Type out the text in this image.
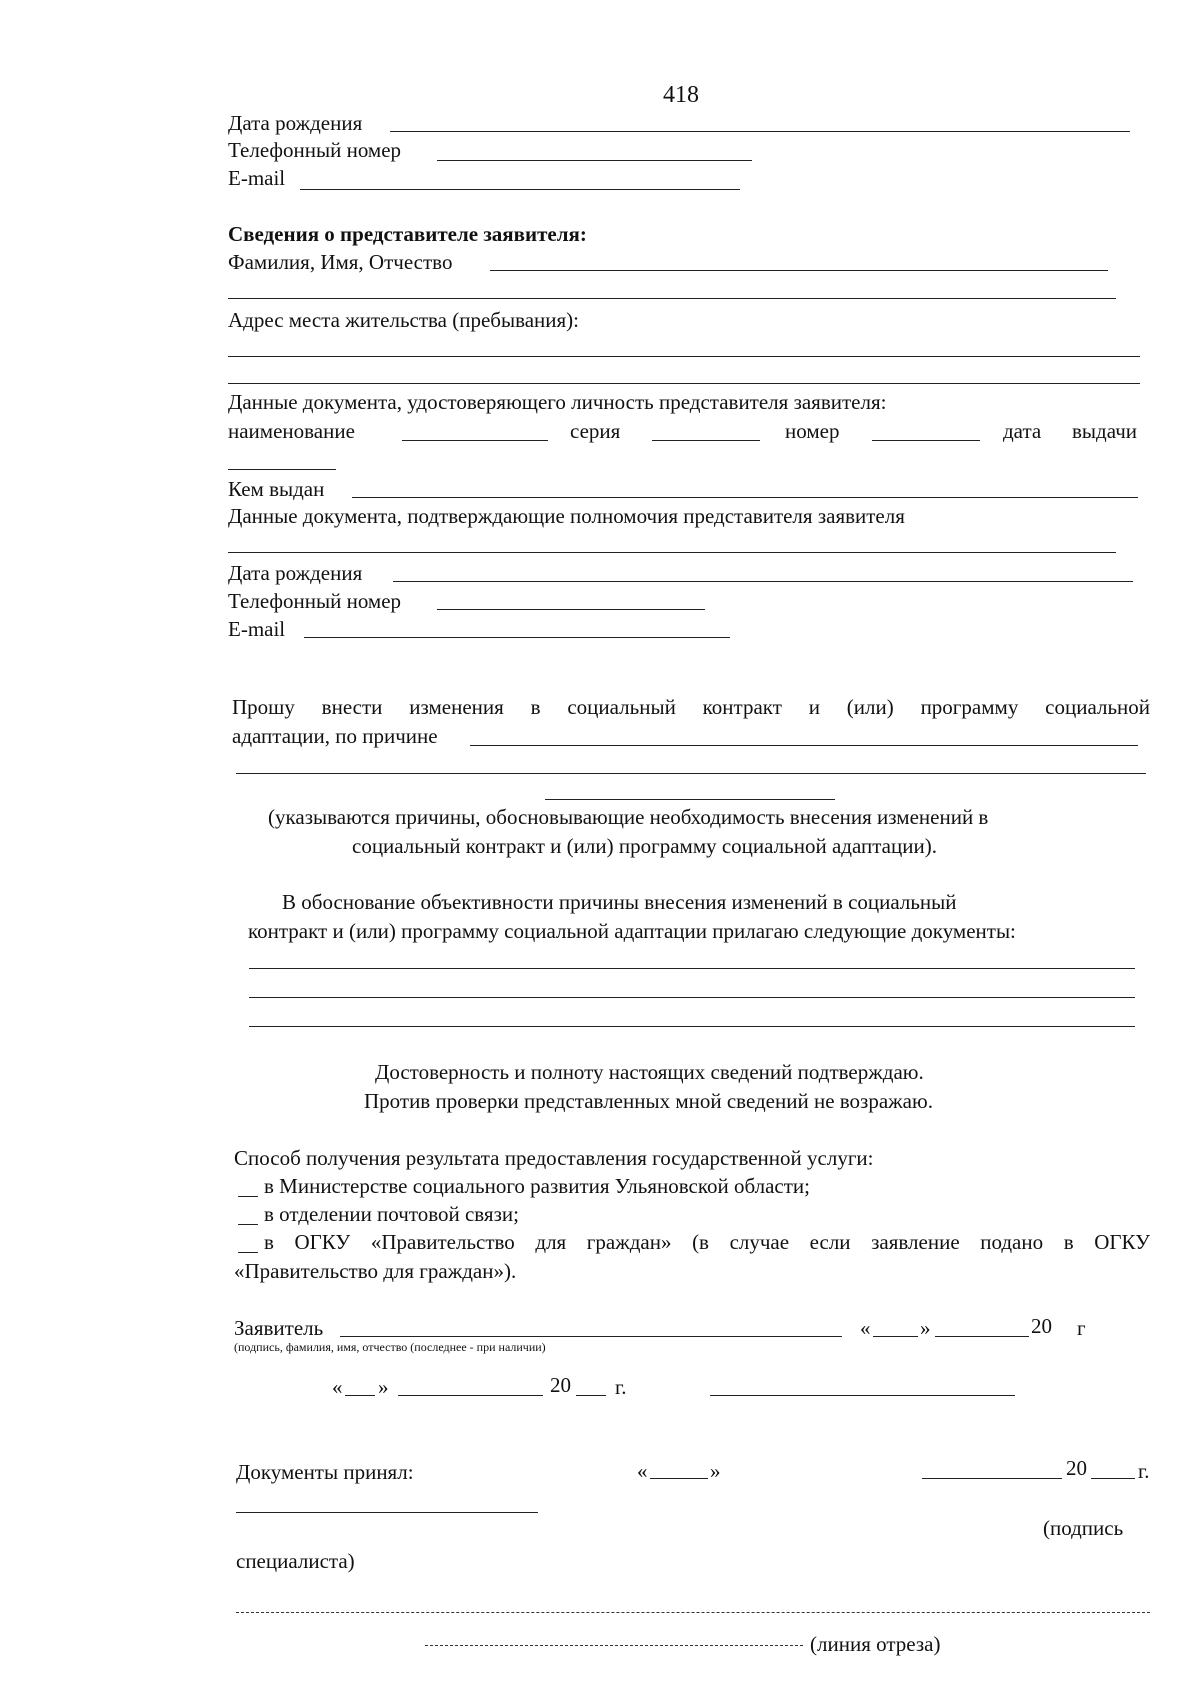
418
Дата рождения
Телефонный номер
E-mail
Сведения о представителе заявителя:
Фамилия, Имя, Отчество
Адрес места жительства (пребывания):
Данные документа, удостоверяющего личность представителя заявителя:
наименование	серия	номер	дата выдачи
Кем выдан
Данные документа, подтверждающие полномочия представителя заявителя
Дата рождения
Телефонный номер
E-mail
Прошу внести изменения в социальный контракт и (или) программу социальной
адаптации, по причине
(указываются причины, обосновывающие необходимость внесения изменений в
социальный контракт и (или) программу социальной адаптации).
В обоснование объективности причины внесения изменений в социальный
контракт и (или) программу социальной адаптации прилагаю следующие документы:
Достоверность и полноту настоящих сведений подтверждаю.
Против проверки представленных мной сведений не возражаю.
Способ получения результата предоставления государственной услуги:
в Министерстве социального развития Ульяновской области;
в отделении почтовой связи;
в ОГКУ «Правительство для граждан» (в случае если заявление подано в ОГКУ
«Правительство для граждан»).
Заявитель
(подпись, фамилия, имя, отчество (последнее - при наличии)
« »	20 г
« »	20 г.
Документы принял:	«	»	20 г.
(подпись
специалиста)
(линия отреза)
